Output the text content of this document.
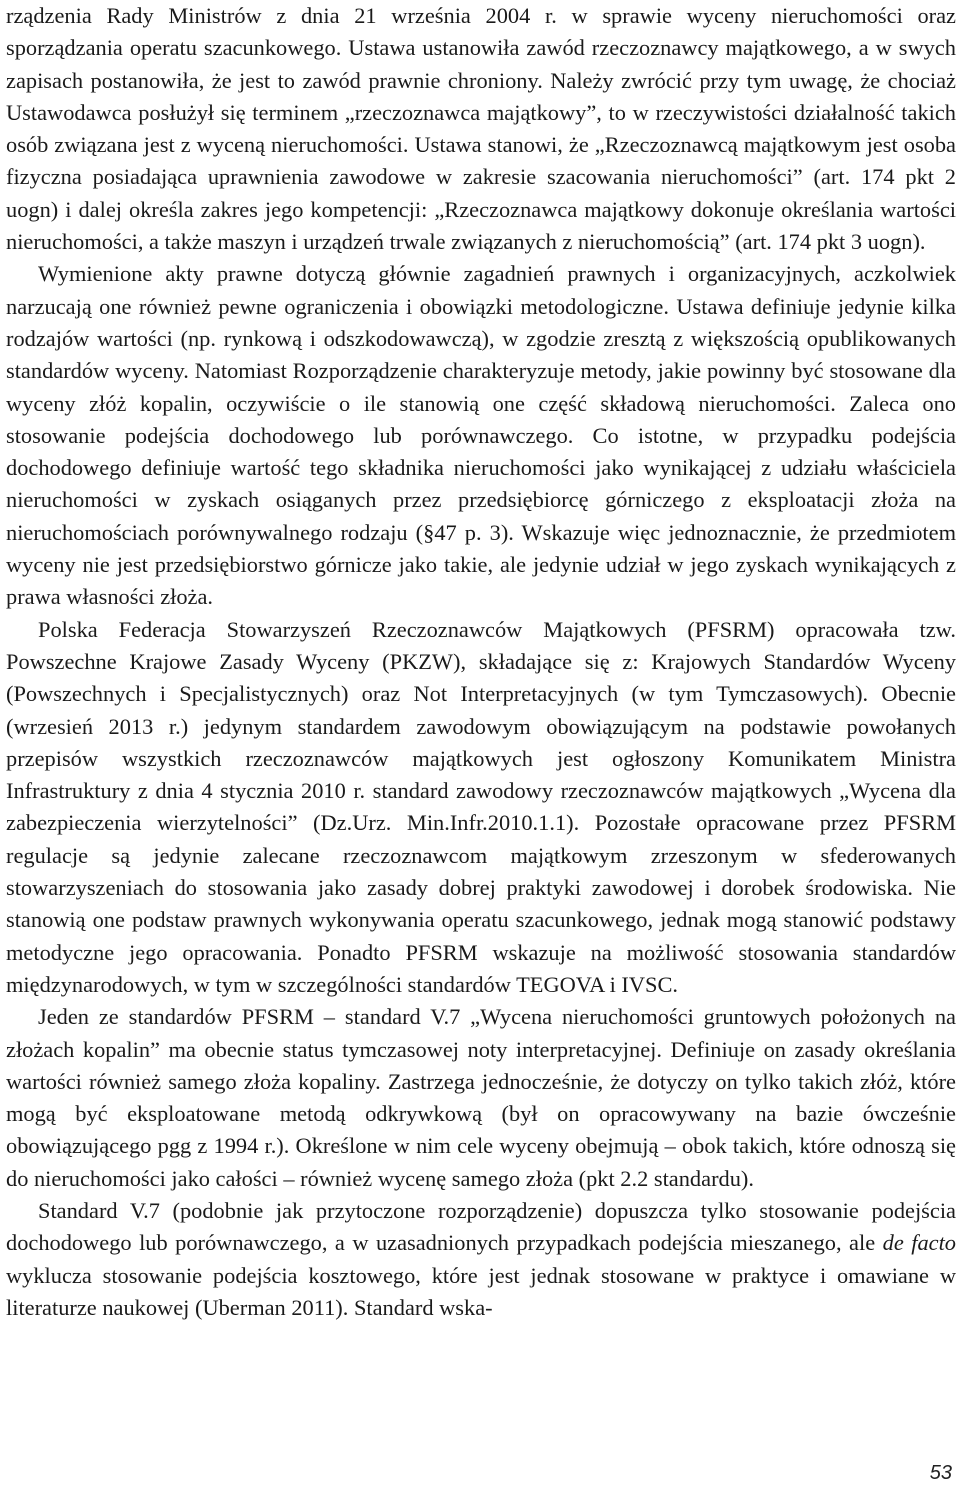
rządzenia Rady Ministrów z dnia 21 września 2004 r. w sprawie wyceny nieruchomości oraz sporządzania operatu szacunkowego. Ustawa ustanowiła zawód rzeczoznawcy majątkowego, a w swych zapisach postanowiła, że jest to zawód prawnie chroniony. Należy zwrócić przy tym uwagę, że chociaż Ustawodawca posłużył się terminem „rzeczoznawca majątkowy”, to w rzeczywistości działalność takich osób związana jest z wyceną nieruchomości. Ustawa stanowi, że „Rzeczoznawcą majątkowym jest osoba fizyczna posiadająca uprawnienia zawodowe w zakresie szacowania nieruchomości” (art. 174 pkt 2 uogn) i dalej określa zakres jego kompetencji: „Rzeczoznawca majątkowy dokonuje określania wartości nieruchomości, a także maszyn i urządzeń trwale związanych z nieruchomością” (art. 174 pkt 3 uogn).

Wymienione akty prawne dotyczą głównie zagadnień prawnych i organizacyjnych, aczkolwiek narzucają one również pewne ograniczenia i obowiązki metodologiczne. Ustawa definiuje jedynie kilka rodzajów wartości (np. rynkową i odszkodowawczą), w zgodzie zresztą z większością opublikowanych standardów wyceny. Natomiast Rozporządzenie charakteryzuje metody, jakie powinny być stosowane dla wyceny złóż kopalin, oczywiście o ile stanowią one część składową nieruchomości. Zaleca ono stosowanie podejścia dochodowego lub porównawczego. Co istotne, w przypadku podejścia dochodowego definiuje wartość tego składnika nieruchomości jako wynikającej z udziału właściciela nieruchomości w zyskach osiąganych przez przedsiębiorcę górniczego z eksploatacji złoża na nieruchomościach porównywalnego rodzaju (§47 p. 3). Wskazuje więc jednoznacznie, że przedmiotem wyceny nie jest przedsiębiorstwo górnicze jako takie, ale jedynie udział w jego zyskach wynikających z prawa własności złoża.

Polska Federacja Stowarzyszeń Rzeczoznawców Majątkowych (PFSRM) opracowała tzw. Powszechne Krajowe Zasady Wyceny (PKZW), składające się z: Krajowych Standardów Wyceny (Powszechnych i Specjalistycznych) oraz Not Interpretacyjnych (w tym Tymczasowych). Obecnie (wrzesień 2013 r.) jedynym standardem zawodowym obowiązującym na podstawie powołanych przepisów wszystkich rzeczoznawców majątkowych jest ogłoszony Komunikatem Ministra Infrastruktury z dnia 4 stycznia 2010 r. standard zawodowy rzeczoznawców majątkowych „Wycena dla zabezpieczenia wierzytelności” (Dz.Urz. Min.Infr.2010.1.1). Pozostałe opracowane przez PFSRM regulacje są jedynie zalecane rzeczoznawcom majątkowym zrzeszonym w sfederowanych stowarzyszeniach do stosowania jako zasady dobrej praktyki zawodowej i dorobek środowiska. Nie stanowią one podstaw prawnych wykonywania operatu szacunkowego, jednak mogą stanowić podstawy metodyczne jego opracowania. Ponadto PFSRM wskazuje na możliwość stosowania standardów międzynarodowych, w tym w szczególności standardów TEGOVA i IVSC.

Jeden ze standardów PFSRM – standard V.7 „Wycena nieruchomości gruntowych położonych na złożach kopalin” ma obecnie status tymczasowej noty interpretacyjnej. Definiuje on zasady określania wartości również samego złoża kopaliny. Zastrzega jednocześnie, że dotyczy on tylko takich złóż, które mogą być eksploatowane metodą odkrywkową (był on opracowywany na bazie ówcześnie obowiązującego pgg z 1994 r.). Określone w nim cele wyceny obejmują – obok takich, które odnoszą się do nieruchomości jako całości – również wycenę samego złoża (pkt 2.2 standardu).

Standard V.7 (podobnie jak przytoczone rozporządzenie) dopuszcza tylko stosowanie podejścia dochodowego lub porównawczego, a w uzasadnionych przypadkach podejścia mieszanego, ale de facto wyklucza stosowanie podejścia kosztowego, które jest jednak stosowane w praktyce i omawiane w literaturze naukowej (Uberman 2011). Standard wska-

53
